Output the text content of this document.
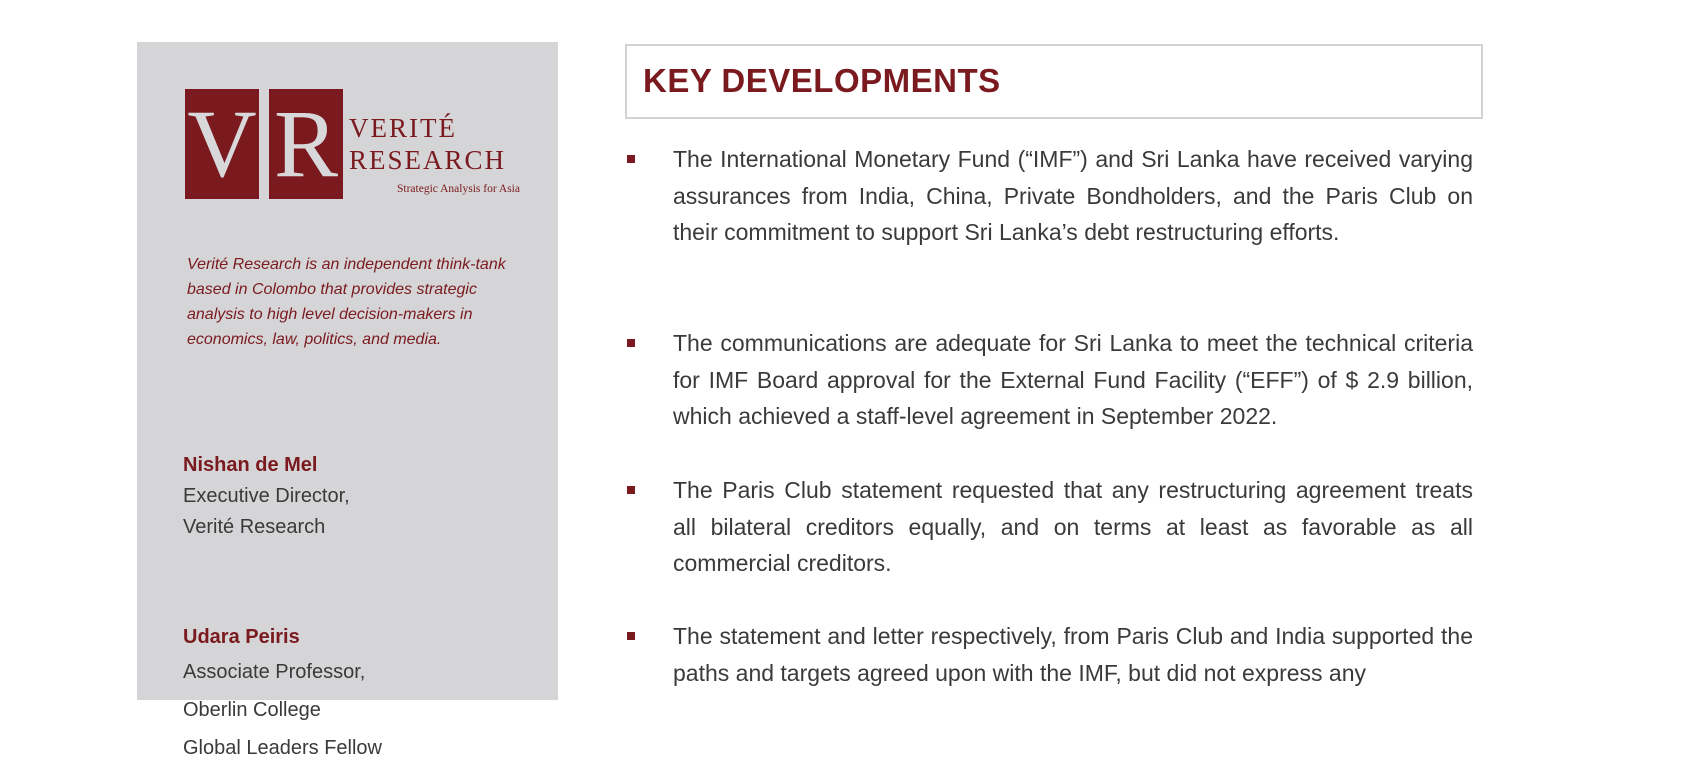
V R VERITÉ
RESEARCH
Strategic Analysis for Asia

Verité Research is an independent think-tank based in Colombo that provides strategic analysis to high level decision-makers in economics, law, politics, and media.

Nishan de Mel
Executive Director,
Verité Research
Udara Peiris
Associate Professor,
Oberlin College
Global Leaders Fellow
KEY DEVELOPMENTS

The International Monetary Fund (“IMF”) and Sri Lanka have received varying assurances from India, China, Private Bondholders, and the Paris Club on their commitment to support Sri Lanka’s debt restructuring efforts.

The communications are adequate for Sri Lanka to meet the technical criteria for IMF Board approval for the External Fund Facility (“EFF”) of $ 2.9 billion, which achieved a staff-level agreement in September 2022.

The Paris Club statement requested that any restructuring agreement treats all bilateral creditors equally, and on terms at least as favorable as all commercial creditors.

The statement and letter respectively, from Paris Club and India supported the paths and targets agreed upon with the IMF, but did not express any
